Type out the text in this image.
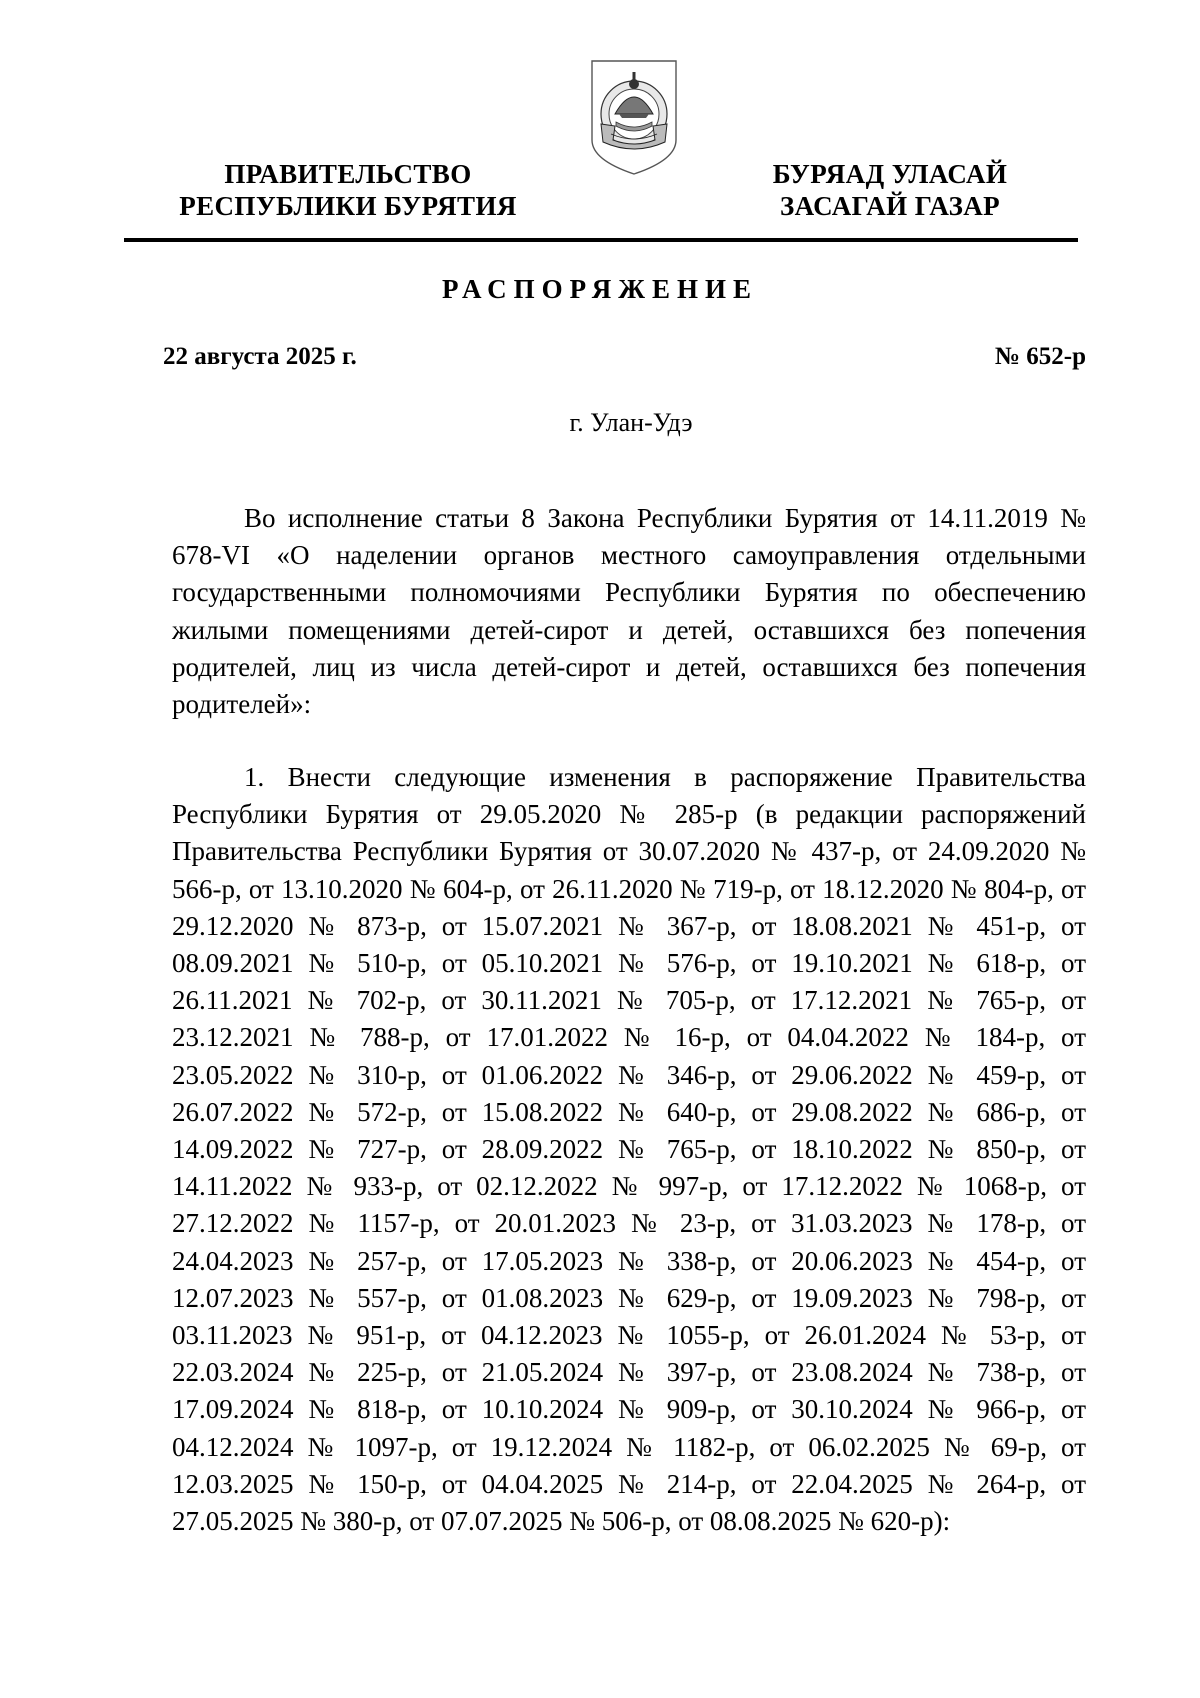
ПРАВИТЕЛЬСТВО
РЕСПУБЛИКИ БУРЯТИЯ
БУРЯАД УЛАСАЙ
ЗАСАГАЙ ГАЗАР
РАСПОРЯЖЕНИЕ
22 августа 2025 г.	№ 652-р
г. Улан-Удэ

Во исполнение статьи 8 Закона Республики Бурятия от 14.11.2019 № 678-VI «О наделении органов местного самоуправления отдельными государственными полномочиями Республики Бурятия по обеспечению жилыми помещениями детей-сирот и детей, оставшихся без попечения родителей, лиц из числа детей-сирот и детей, оставшихся без попечения родителей»:

1. Внести следующие изменения в распоряжение Правительства Республики Бурятия от 29.05.2020 № 285-р (в редакции распоряжений Правительства Республики Бурятия от 30.07.2020 № 437-р, от 24.09.2020 № 566-р, от 13.10.2020 № 604-р, от 26.11.2020 № 719-р, от 18.12.2020 № 804-р, от 29.12.2020 № 873-р, от 15.07.2021 № 367-р, от 18.08.2021 № 451-р, от 08.09.2021 № 510-р, от 05.10.2021 № 576-р, от 19.10.2021 № 618-р, от 26.11.2021 № 702-р, от 30.11.2021 № 705-р, от 17.12.2021 № 765-р, от 23.12.2021 № 788-р, от 17.01.2022 № 16-р, от 04.04.2022 № 184-р, от 23.05.2022 № 310-р, от 01.06.2022 № 346-р, от 29.06.2022 № 459-р, от 26.07.2022 № 572-р, от 15.08.2022 № 640-р, от 29.08.2022 № 686-р, от 14.09.2022 № 727-р, от 28.09.2022 № 765-р, от 18.10.2022 № 850-р, от 14.11.2022 № 933-р, от 02.12.2022 № 997-р, от 17.12.2022 № 1068-р, от 27.12.2022 № 1157-р, от 20.01.2023 № 23-р, от 31.03.2023 № 178-р, от 24.04.2023 № 257-р, от 17.05.2023 № 338-р, от 20.06.2023 № 454-р, от 12.07.2023 № 557-р, от 01.08.2023 № 629-р, от 19.09.2023 № 798-р, от 03.11.2023 № 951-р, от 04.12.2023 № 1055-р, от 26.01.2024 № 53-р, от 22.03.2024 № 225-р, от 21.05.2024 № 397-р, от 23.08.2024 № 738-р, от 17.09.2024 № 818-р, от 10.10.2024 № 909-р, от 30.10.2024 № 966-р, от 04.12.2024 № 1097-р, от 19.12.2024 № 1182-р, от 06.02.2025 № 69-р, от 12.03.2025 № 150-р, от 04.04.2025 № 214-р, от 22.04.2025 № 264-р, от 27.05.2025 № 380-р, от 07.07.2025 № 506-р, от 08.08.2025 № 620-р):
